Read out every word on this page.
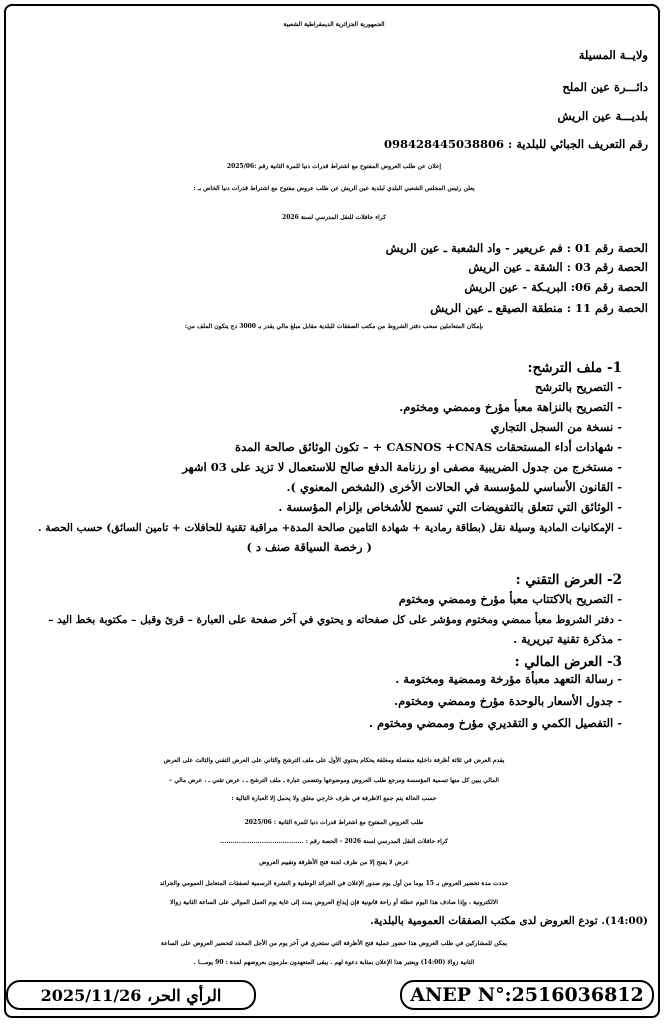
الجمهورية الجزائرية الديمقراطية الشعبية
ولايــة المسيلة
دائـــرة عين الملح
بلديـــة عين الريش
رقم التعريف الجبائي للبلدية : 098428445038806
إعلان عن طلب العروض المفتوح مع اشتراط قدرات دنيا للمرة الثانية رقم :2025/06
يعلن رئيس المجلس الشعبي البلدي لبلدية عين الريش عن طلب عروض مفتوح مع اشتراط قدرات دنيا الخاص بـ :
كراء حافلات للنقل المدرسي لسنة 2026
الحصة رقم 01 : فم عريعير - واد الشعبة ـ عين الريش
الحصة رقم 03 : الشقة ـ عين الريش
الحصة رقم 06: البريـكة - عين الريش
الحصة رقم 11 : منطقة الصيقع ـ عين الريش
بإمكان المتعاملين سحب دفتر الشروط من مكتب الصفقات للبلدية مقابل مبلغ مالي يقدر بـ 3000 دج يتكون الملف من:
1- ملف الترشح:
- التصريح بالترشح
- التصريح بالنزاهة معبأ مؤرخ وممضي ومختوم.
- نسخة من السجل التجاري
- شهادات أداء المستحقات CASNOS +CNAS + – تكون الوثائق صالحة المدة
- مستخرج من جدول الضريبية مصفى او رزنامة الدفع صالح للاستعمال لا تزيد على 03 اشهر
- القانون الأساسي للمؤسسة في الحالات الأخرى (الشخص المعنوي ).
- الوثائق التي تتعلق بالتفويضات التي تسمح للأشخاص بإلزام المؤسسة .
- الإمكانيات المادية وسيلة نقل (بطاقة رمادية + شهادة التامين صالحة المدة+ مراقبة تقنية للحافلات + تامين السائق) حسب الحصة .
( رخصة السياقة صنف د )
2- العرض التقني :
- التصريح بالاكتتاب معبأ مؤرخ وممضي ومختوم
- دفتر الشروط معبأ ممضي ومختوم ومؤشر على كل صفحاته و يحتوي في آخر صفحة على العبارة – قرئ وقبل – مكتوبة بخط اليد –
- مذكرة تقنية تبريرية .
3- العرض المالي :
- رسالة التعهد معبأة مؤرخة وممضية ومختومة .
- جدول الأسعار بالوحدة مؤرخ وممضي ومختوم.
- التفصيل الكمي و التقديري مؤرخ وممضي ومختوم .
يقدم العرض في ثلاثة أظرفة داخلية منفصلة ومغلقة يحكام يحتوي الأول على ملف الترشح والثاني على العرض التقني والثالث على العرض
المالي يبين كل منها تسمية المؤسسة ومرجع طلب العروض وموضوعها وتتضمن عبارة ـ ملف الترشح ـ ، عرض تقني ـ ، عرض مالي –
حسب الحالة يتم جمع الاظرفة في ظرف خارجي مغلق ولا يحمل إلا العبارة التالية :
طلب العروض المفتوح مع اشتراط قدرات دنيا للمرة الثانية : 2025/06
كراء حافلات النقل المدرسي لسنة 2026 - الحصة رقم : ........................................
عرض لا يفتح إلا من طرف لجنة فتح الأظرفة وتقييم العروض
حددت مدة تحضير العروض بـ 15 يوما من أول يوم صدور الإعلان في الجرائد الوطنية و النشرة الرسمية لصفقات المتعامل العمومي والجرائد
الالكترونية ، وإذا صادف هذا اليوم عطلة أو راحة قانونية فإن إيداع العروض يمدد إلى غاية يوم العمل الموالي على الساعة الثانية زوالا
(14:00). تودع العروض لدى مكتب الصفقات العمومية بالبلدية.
يمكن للمشاركين في طلب العروض هذا حضور عملية فتح الأظرفة التي ستجري في آخر يوم من الأجل المحدد لتحضير العروض على الساعة
الثانية زوالا (14:00) ويعتبر هذا الإعلان بمثابة دعوة لهم . يبقى المتعهدون ملزمون بعروضهم لمدة : 90 يومـــا .
الرأي الحر، 2025/11/26	ANEP N°:2516036812
